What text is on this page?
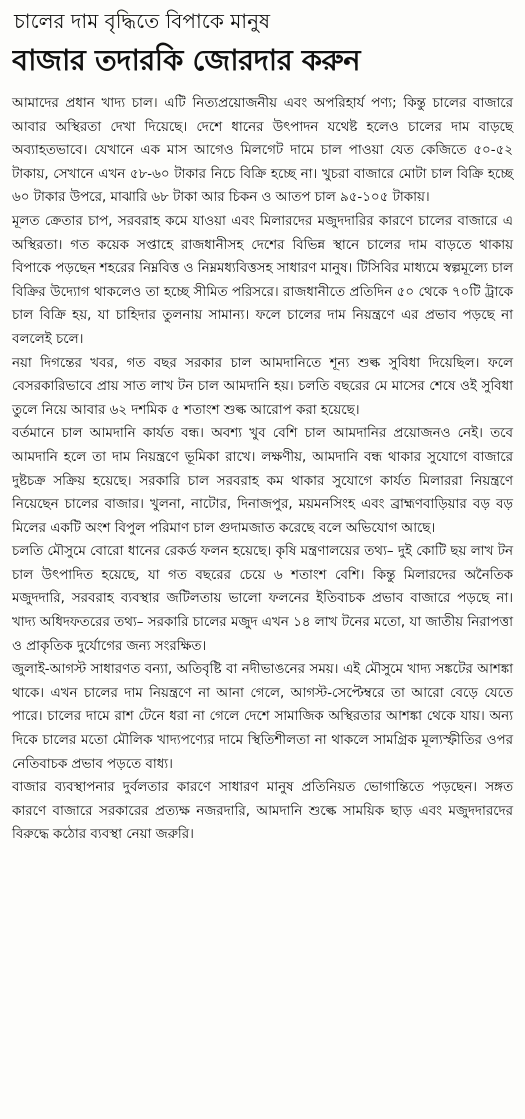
চালের দাম বৃদ্ধিতে বিপাকে মানুষ
বাজার তদারকি জোরদার করুন

আমাদের প্রধান খাদ্য চাল। এটি নিত্যপ্রয়োজনীয় এবং অপরিহার্য পণ্য; কিন্তু চালের বাজারে আবার অস্থিরতা দেখা দিয়েছে। দেশে ধানের উৎপাদন যথেষ্ট হলেও চালের দাম বাড়ছে অব্যাহতভাবে। যেখানে এক মাস আগেও মিলগেট দামে চাল পাওয়া যেত কেজিতে ৫০-৫২ টাকায়, সেখানে এখন ৫৮-৬০ টাকার নিচে বিক্রি হচ্ছে না। খুচরা বাজারে মোটা চাল বিক্রি হচ্ছে ৬০ টাকার উপরে, মাঝারি ৬৮ টাকা আর চিকন ও আতপ চাল ৯৫-১০৫ টাকায়।

মূলত ক্রেতার চাপ, সরবরাহ কমে যাওয়া এবং মিলারদের মজুদদারির কারণে চালের বাজারে এ অস্থিরতা। গত কয়েক সপ্তাহে রাজধানীসহ দেশের বিভিন্ন স্থানে চালের দাম বাড়তে থাকায় বিপাকে পড়ছেন শহরের নিম্নবিত্ত ও নিম্নমধ্যবিত্তসহ সাধারণ মানুষ। টিসিবির মাধ্যমে স্বল্পমূল্যে চাল বিক্রির উদ্যোগ থাকলেও তা হচ্ছে সীমিত পরিসরে। রাজধানীতে প্রতিদিন ৫০ থেকে ৭০টি ট্রাকে চাল বিক্রি হয়, যা চাহিদার তুলনায় সামান্য। ফলে চালের দাম নিয়ন্ত্রণে এর প্রভাব পড়ছে না বললেই চলে।

নয়া দিগন্তের খবর, গত বছর সরকার চাল আমদানিতে শূন্য শুল্ক সুবিধা দিয়েছিল। ফলে বেসরকারিভাবে প্রায় সাত লাখ টন চাল আমদানি হয়। চলতি বছরের মে মাসের শেষে ওই সুবিধা তুলে নিয়ে আবার ৬২ দশমিক ৫ শতাংশ শুল্ক আরোপ করা হয়েছে।

বর্তমানে চাল আমদানি কার্যত বন্ধ। অবশ্য খুব বেশি চাল আমদানির প্রয়োজনও নেই। তবে আমদানি হলে তা দাম নিয়ন্ত্রণে ভূমিকা রাখে। লক্ষণীয়, আমদানি বন্ধ থাকার সুযোগে বাজারে দুষ্টচক্র সক্রিয় হয়েছে। সরকারি চাল সরবরাহ কম থাকার সুযোগে কার্যত মিলাররা নিয়ন্ত্রণে নিয়েছেন চালের বাজার। খুলনা, নাটোর, দিনাজপুর, ময়মনসিংহ এবং ব্রাহ্মণবাড়িয়ার বড় বড় মিলের একটি অংশ বিপুল পরিমাণ চাল গুদামজাত করেছে বলে অভিযোগ আছে।

চলতি মৌসুমে বোরো ধানের রেকর্ড ফলন হয়েছে। কৃষি মন্ত্রণালয়ের তথ্য– দুই কোটি ছয় লাখ টন চাল উৎপাদিত হয়েছে, যা গত বছরের চেয়ে ৬ শতাংশ বেশি। কিন্তু মিলারদের অনৈতিক মজুদদারি, সরবরাহ ব্যবস্থার জটিলতায় ভালো ফলনের ইতিবাচক প্রভাব বাজারে পড়ছে না। খাদ্য অধিদফতরের তথ্য– সরকারি চালের মজুদ এখন ১৪ লাখ টনের মতো, যা জাতীয় নিরাপত্তা ও প্রাকৃতিক দুর্যোগের জন্য সংরক্ষিত।

জুলাই-আগস্ট সাধারণত বন্যা, অতিবৃষ্টি বা নদীভাঙনের সময়। এই মৌসুমে খাদ্য সঙ্কটের আশঙ্কা থাকে। এখন চালের দাম নিয়ন্ত্রণে না আনা গেলে, আগস্ট-সেপ্টেম্বরে তা আরো বেড়ে যেতে পারে। চালের দামে রাশ টেনে ধরা না গেলে দেশে সামাজিক অস্থিরতার আশঙ্কা থেকে যায়। অন্য দিকে চালের মতো মৌলিক খাদ্যপণ্যের দামে স্থিতিশীলতা না থাকলে সামগ্রিক মূল্যস্ফীতির ওপর নেতিবাচক প্রভাব পড়তে বাধ্য।

বাজার ব্যবস্থাপনার দুর্বলতার কারণে সাধারণ মানুষ প্রতিনিয়ত ভোগান্তিতে পড়ছেন। সঙ্গত কারণে বাজারে সরকারের প্রত্যক্ষ নজরদারি, আমদানি শুল্কে সাময়িক ছাড় এবং মজুদদারদের বিরুদ্ধে কঠোর ব্যবস্থা নেয়া জরুরি।
